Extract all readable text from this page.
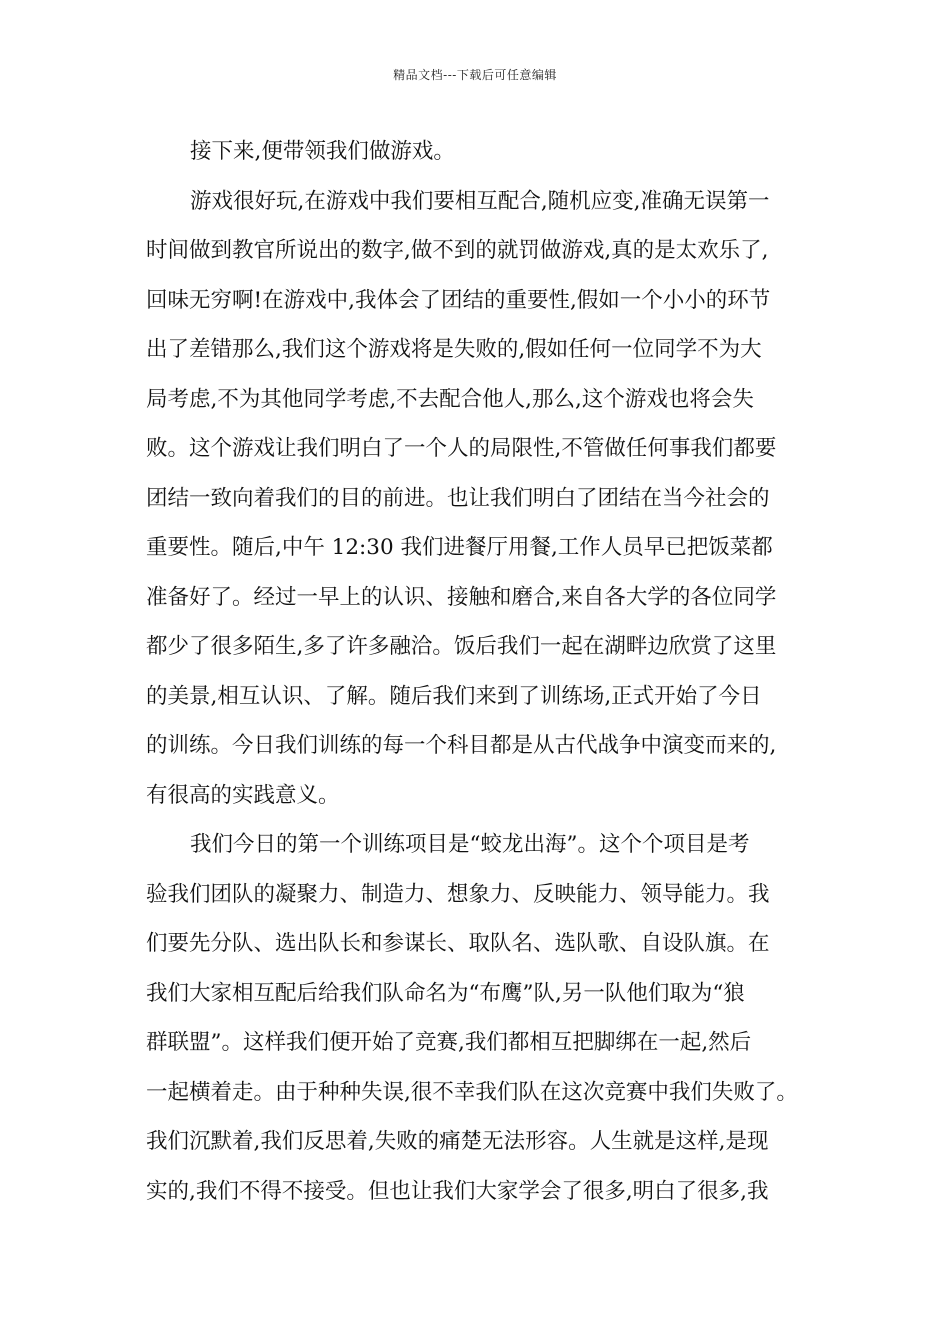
精品文档---下载后可任意编辑
接下来,便带领我们做游戏。
游戏很好玩,在游戏中我们要相互配合,随机应变,准确无误第一
时间做到教官所说出的数字,做不到的就罚做游戏,真的是太欢乐了,
回味无穷啊!在游戏中,我体会了团结的重要性,假如一个小小的环节
出了差错那么,我们这个游戏将是失败的,假如任何一位同学不为大
局考虑,不为其他同学考虑,不去配合他人,那么,这个游戏也将会失
败。这个游戏让我们明白了一个人的局限性,不管做任何事我们都要
团结一致向着我们的目的前进。也让我们明白了团结在当今社会的
重要性。随后,中午 12:30 我们进餐厅用餐,工作人员早已把饭菜都
准备好了。经过一早上的认识、接触和磨合,来自各大学的各位同学
都少了很多陌生,多了许多融洽。饭后我们一起在湖畔边欣赏了这里
的美景,相互认识、了解。随后我们来到了训练场,正式开始了今日
的训练。今日我们训练的每一个科目都是从古代战争中演变而来的,
有很高的实践意义。
我们今日的第一个训练项目是“蛟龙出海”。这个个项目是考
验我们团队的凝聚力、制造力、想象力、反映能力、领导能力。我
们要先分队、选出队长和参谋长、取队名、选队歌、自设队旗。在
我们大家相互配后给我们队命名为“布鹰”队,另一队他们取为“狼
群联盟”。这样我们便开始了竞赛,我们都相互把脚绑在一起,然后
一起横着走。由于种种失误,很不幸我们队在这次竞赛中我们失败了。
我们沉默着,我们反思着,失败的痛楚无法形容。人生就是这样,是现
实的,我们不得不接受。但也让我们大家学会了很多,明白了很多,我
